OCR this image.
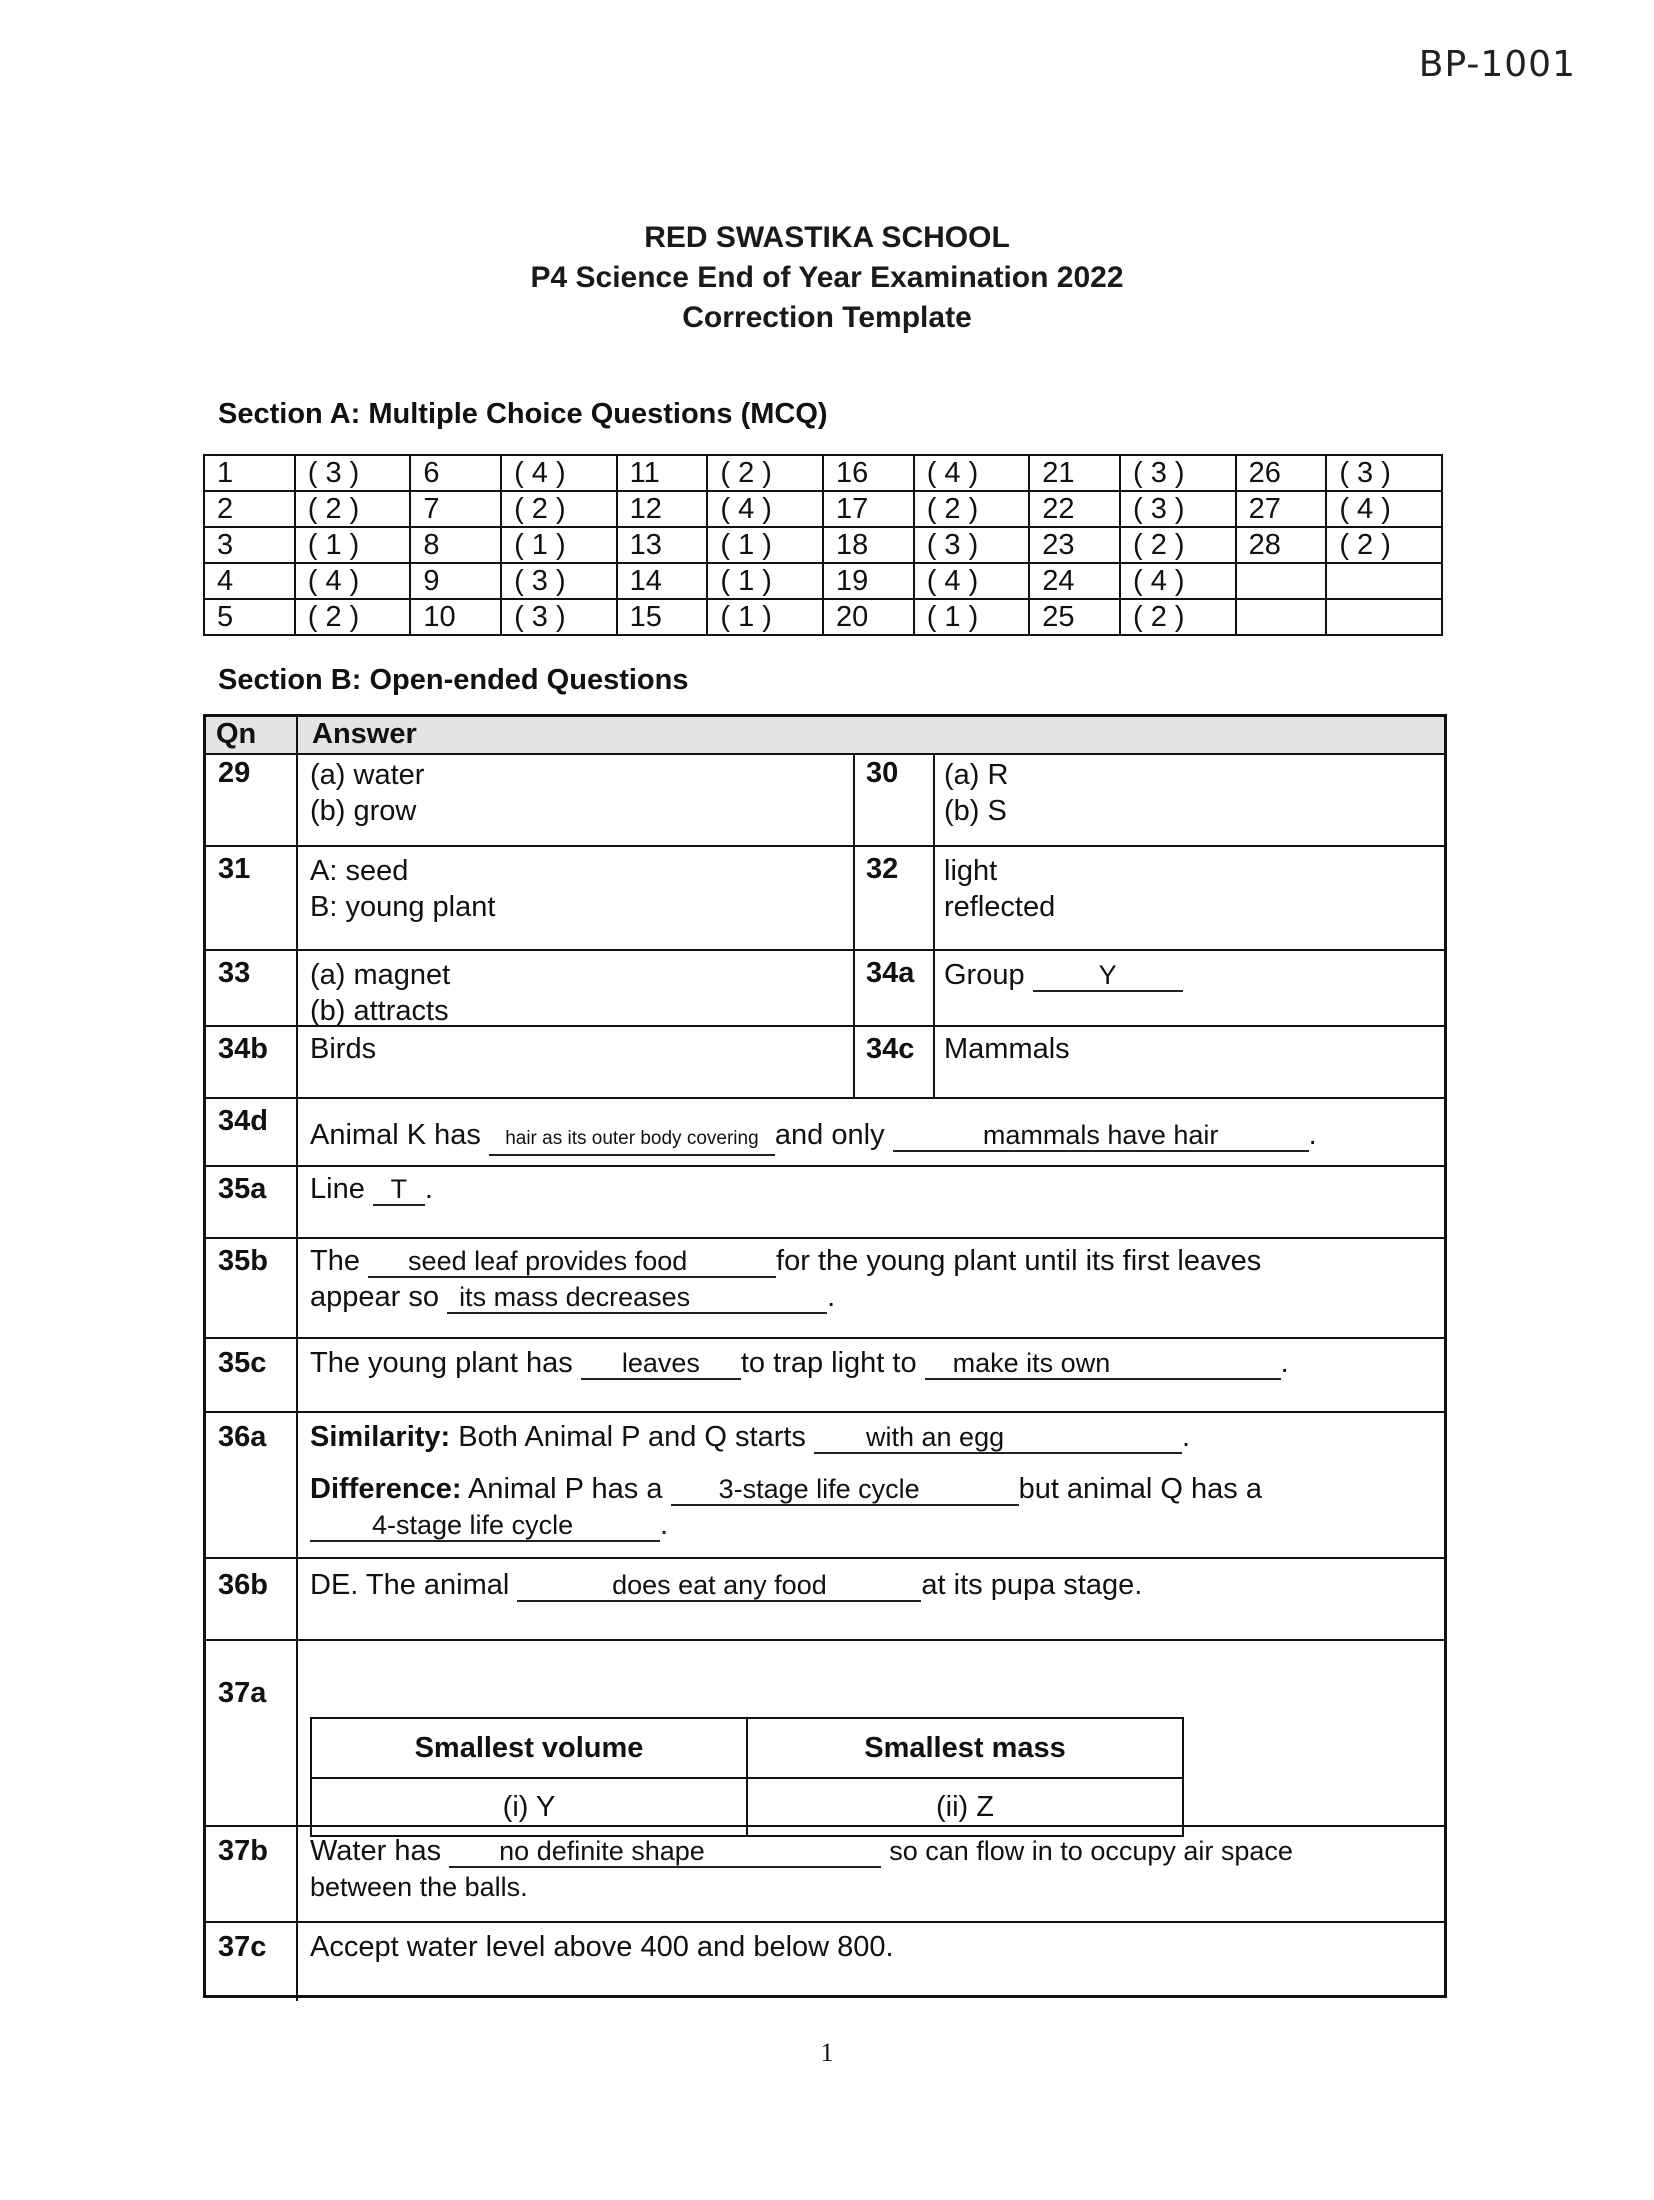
BP-1001
RED SWASTIKA SCHOOL
P4 Science End of Year Examination 2022
Correction Template
Section A: Multiple Choice Questions (MCQ)
1	( 3 )	6	( 4 )	11	( 2 )	16	( 4 )	21	( 3 )	26	( 3 )
2	( 2 )	7	( 2 )	12	( 4 )	17	( 2 )	22	( 3 )	27	( 4 )
3	( 1 )	8	( 1 )	13	( 1 )	18	( 3 )	23	( 2 )	28	( 2 )
4	( 4 )	9	( 3 )	14	( 1 )	19	( 4 )	24	( 4 )		
5	( 2 )	10	( 3 )	15	( 1 )	20	( 1 )	25	( 2 )		
Section B: Open-ended Questions
Qn Answer
29 (a) water
(b) grow
30 (a) R
(b) S
31 A: seed
B: young plant
32 light
reflected
33 (a) magnet
(b) attracts
34a Group	Y
34b Birds	34c Mammals
34d Animal K has hair as its outer body covering and only	mammals have hair	.
35a Line T .
35b The seed leaf provides food	for the young plant until its first leaves
appear so its mass decreases	.
35c The young plant has leaves to trap light to make its own	.
36a Similarity: Both Animal P and Q starts with an egg	.
Difference: Animal P has a 3-stage life cycle	but animal Q has a
4-stage life cycle	.
36b DE. The animal	does eat any food	at its pupa stage.
37a
Smallest volume	Smallest mass
(i) Y	(ii) Z
37b Water has no definite shape	so can flow in to occupy air space
between the balls.
37c Accept water level above 400 and below 800.
1
